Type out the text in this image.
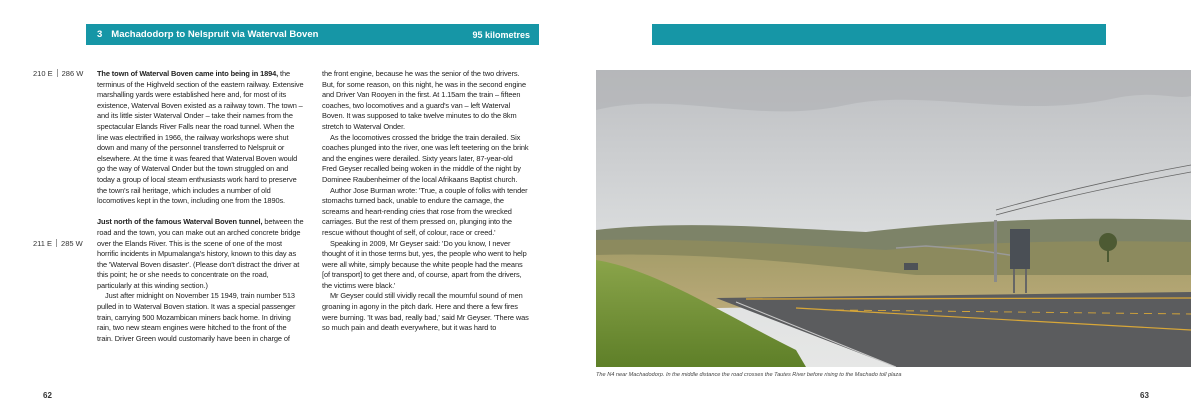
3 Machadodorp to Nelspruit via Waterval Boven	95 kilometres
210 E 286 W
211 E 285 W

The town of Waterval Boven came into being in 1894, the terminus of the Highveld section of the eastern railway. Extensive marshalling yards were established here and, for most of its existence, Waterval Boven existed as a railway town. The town – and its little sister Waterval Onder – take their names from the spectacular Elands River Falls near the road tunnel. When the line was electrified in 1966, the railway workshops were shut down and many of the personnel transferred to Nelspruit or elsewhere. At the time it was feared that Waterval Boven would go the way of Waterval Onder but the town struggled on and today a group of local steam enthusiasts work hard to preserve the town's rail heritage, which includes a number of old locomotives kept in the town, including one from the 1890s.

Just north of the famous Waterval Boven tunnel, between the road and the town, you can make out an arched concrete bridge over the Elands River. This is the scene of one of the most horrific incidents in Mpumalanga's history, known to this day as the 'Waterval Boven disaster'. (Please don't distract the driver at this point; he or she needs to concentrate on the road, particularly at this winding section.)

Just after midnight on November 15 1949, train number 513 pulled in to Waterval Boven station. It was a special passenger train, carrying 500 Mozambican miners back home. In driving rain, two new steam engines were hitched to the front of the train. Driver Green would customarily have been in charge of

the front engine, because he was the senior of the two drivers. But, for some reason, on this night, he was in the second engine and Driver Van Rooyen in the first. At 1.15am the train – fifteen coaches, two locomotives and a guard's van – left Waterval Boven. It was supposed to take twelve minutes to do the 8km stretch to Waterval Onder.

As the locomotives crossed the bridge the train derailed. Six coaches plunged into the river, one was left teetering on the brink and the engines were derailed. Sixty years later, 87-year-old Fred Geyser recalled being woken in the middle of the night by Dominee Raubenheimer of the local Afrikaans Baptist church.

Author Jose Burman wrote: 'True, a couple of folks with tender stomachs turned back, unable to endure the carnage, the screams and heart-rending cries that rose from the wrecked carriages. But the rest of them pressed on, plunging into the rescue without thought of self, of colour, race or creed.'

Speaking in 2009, Mr Geyser said: 'Do you know, I never thought of it in those terms but, yes, the people who went to help were all white, simply because the white people had the means [of transport] to get there and, of course, apart from the drivers, the victims were black.'

Mr Geyser could still vividly recall the mournful sound of men groaning in agony in the pitch dark. Here and there a few fires were burning. 'It was bad, really bad,' said Mr Geyser. 'There was so much pain and death everywhere, but it was hard to

The N4 near Machadodorp. In the middle distance the road crosses the Tautes River before rising to the Machado toll plaza
62	63
